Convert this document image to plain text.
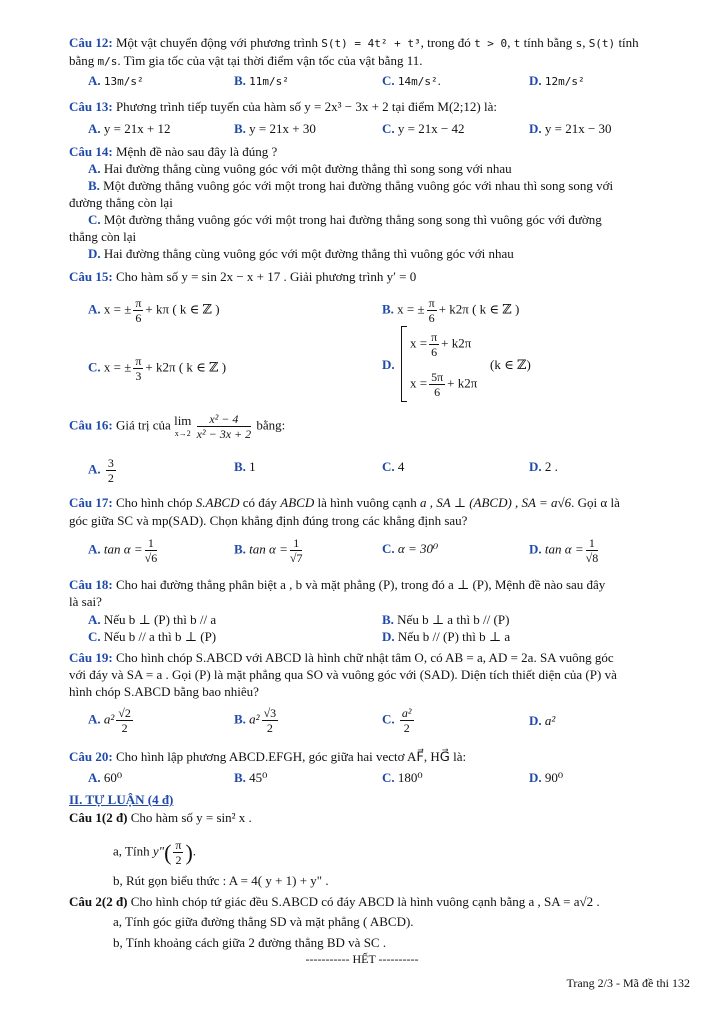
Câu 12: Một vật chuyển động với phương trình S(t) = 4t² + t³, trong đó t > 0, t tính bằng s, S(t) tính
bằng m/s. Tìm gia tốc của vật tại thời điểm vận tốc của vật bằng 11.
A. 13m/s²	B. 11m/s²	C. 14m/s².	D. 12m/s²
Câu 13: Phương trình tiếp tuyến của hàm số y = 2x³ − 3x + 2 tại điểm M(2;12) là:
A. y = 21x + 12	B. y = 21x + 30	C. y = 21x − 42	D. y = 21x − 30
Câu 14: Mệnh đề nào sau đây là đúng ?
A. Hai đường thẳng cùng vuông góc với một đường thẳng thì song song với nhau
B. Một đường thẳng vuông góc với một trong hai đường thẳng vuông góc với nhau thì song song với
đường thẳng còn lại
C. Một đường thẳng vuông góc với một trong hai đường thẳng song song thì vuông góc với đường
thẳng còn lại
D. Hai đường thẳng cùng vuông góc với một đường thẳng thì vuông góc với nhau
Câu 15: Cho hàm số y = sin 2x − x + 17 . Giải phương trình y′ = 0
A. x = ± $\frac{\pi}{6} + k\pi$ ( k ∈ ℤ )	B. x = ± $\frac{\pi}{6} + k2\pi$ ( k ∈ ℤ )
C. x = ± $\frac{\pi}{3} + k2\pi$ ( k ∈ ℤ )	D.
$x = \frac{\pi}{6} + k2\pi$
$x = \frac{5\pi}{6} + k2\pi$
(k ∈ ℤ)
Câu 16: Giá trị của lim
x→2
$\frac{\text{x² − 4}}{\text{x² − 3x + 2}}$ bằng:
A. $\frac{3}{2}$	B. 1	C. 4	D. 2 .
Câu 17: Cho hình chóp S.ABCD có đáy ABCD là hình vuông cạnh a , SA ⊥ (ABCD) , SA = a√6. Gọi α là
góc giữa SC và mp(SAD). Chọn khẳng định đúng trong các khẳng định sau?
A. $\tan \alpha = \frac{1}{√6}$	B. $\tan \alpha = \frac{1}{√7}$	C. α = 30⁰	D. $\tan \alpha = \frac{1}{√8}$
Câu 18: Cho hai đường thẳng phân biệt a , b và mặt phẳng (P), trong đó a ⊥ (P), Mệnh đề nào sau đây
là sai?
A. Nếu b ⊥ (P) thì b // a	B. Nếu b ⊥ a thì b // (P)
C. Nếu b // a thì b ⊥ (P)	D. Nếu b // (P) thì b ⊥ a
Câu 19: Cho hình chóp S.ABCD với ABCD là hình chữ nhật tâm O, có AB = a, AD = 2a. SA vuông góc
với đáy và SA = a . Gọi (P) là mặt phẳng qua SO và vuông góc với (SAD). Diện tích thiết diện của (P) và
hình chóp S.ABCD bằng bao nhiêu?
A. $a^2 \frac{√2}{2}$	B. $a^2 \frac{√3}{2}$	C. $\frac{\text{a²}}{2}$	D. a²
Câu 20: Cho hình lập phương ABCD.EFGH, góc giữa hai vectơ AF⃗, HG⃗ là:
A. 60⁰	B. 45⁰	C. 180⁰	D. 90⁰
II. TỰ LUẬN (4 đ)
Câu 1(2 đ) Cho hàm số y = sin² x .
a, Tính y"( $\frac{\pi}{2}$ ).
b, Rút gọn biểu thức : A = 4( y + 1) + y" .
Câu 2(2 đ) Cho hình chóp tứ giác đều S.ABCD có đáy ABCD là hình vuông cạnh bằng a , SA = a√2 .
a, Tính góc giữa đường thẳng SD và mặt phẳng ( ABCD).
b, Tính khoảng cách giữa 2 đường thẳng BD và SC .
----------- HẾT ----------
Trang 2/3 - Mã đề thi 132
